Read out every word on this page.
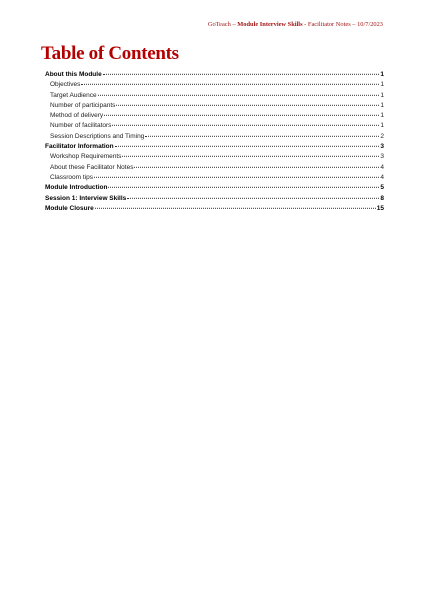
GoTeach – Module Interview Skills - Facilitator Notes – 10/7/2023
Table of Contents
About this Module	1
Objectives	1
Target Audience	1
Number of participants	1
Method of delivery	1
Number of facilitators	1
Session Descriptions and Timing	2
Facilitator Information	3
Workshop Requirements	3
About these Facilitator Notes	4
Classroom tips	4
Module Introduction	5
Session 1: Interview Skills	8
Module Closure	15
